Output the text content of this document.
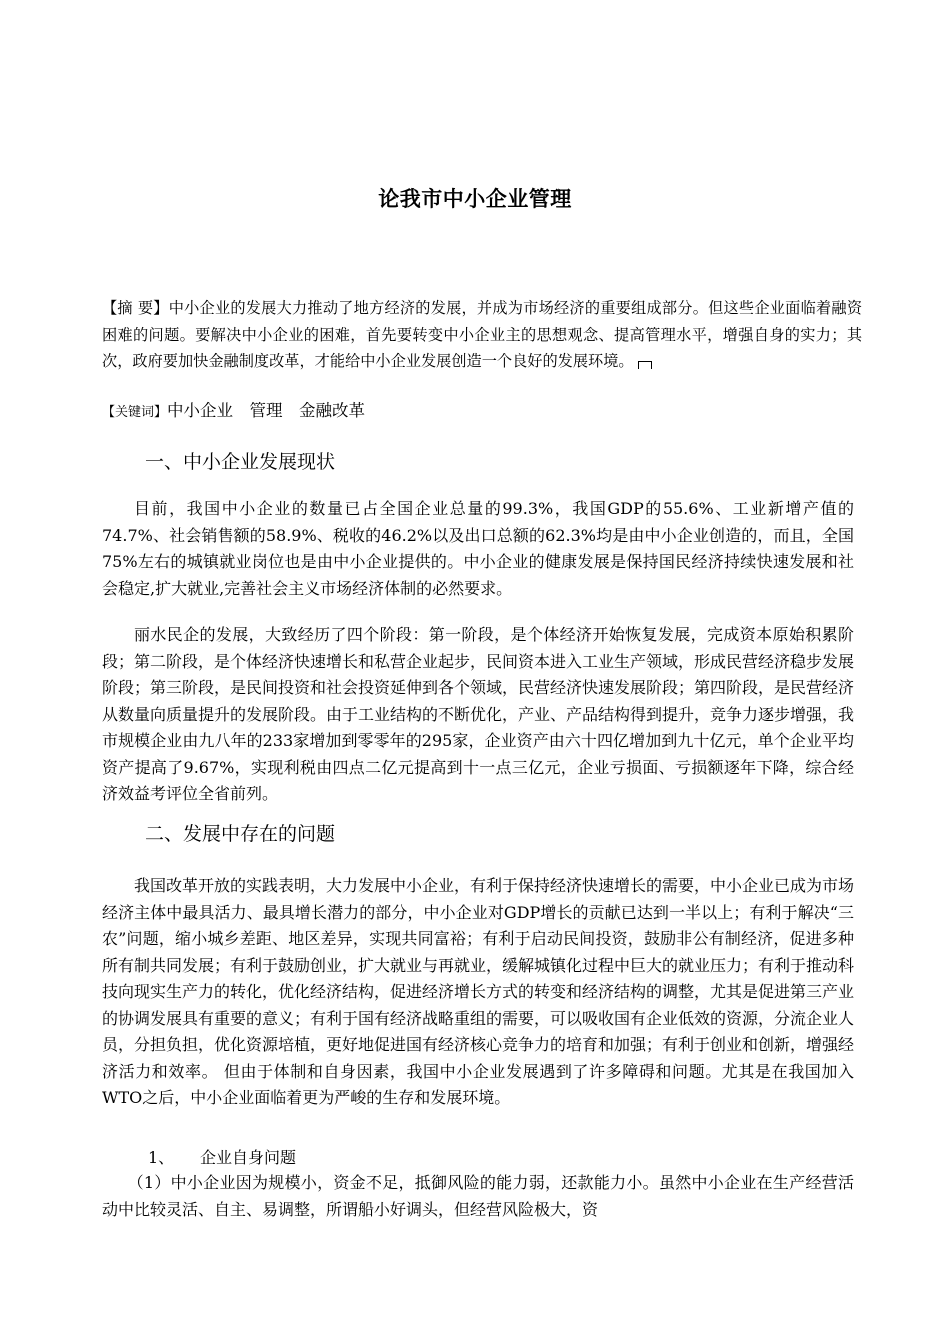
论我市中小企业管理
【摘 要】中小企业的发展大力推动了地方经济的发展，并成为市场经济的重要组成部分。但这些企业面临着融资困难的问题。要解决中小企业的困难，首先要转变中小企业主的思想观念、提高管理水平，增强自身的实力；其次，政府要加快金融制度改革，才能给中小企业发展创造一个良好的发展环境。
【关键词】中小企业　 管理　 金融改革
一、中小企业发展现状
目前，我国中小企业的数量已占全国企业总量的99.3%，我国GDP的55.6%、工业新增产值的74.7%、社会销售额的58.9%、税收的46.2%以及出口总额的62.3%均是由中小企业创造的，而且，全国75%左右的城镇就业岗位也是由中小企业提供的。中小企业的健康发展是保持国民经济持续快速发展和社会稳定,扩大就业,完善社会主义市场经济体制的必然要求。
丽水民企的发展，大致经历了四个阶段：第一阶段，是个体经济开始恢复发展，完成资本原始积累阶段；第二阶段，是个体经济快速增长和私营企业起步，民间资本进入工业生产领域，形成民营经济稳步发展阶段；第三阶段，是民间投资和社会投资延伸到各个领域，民营经济快速发展阶段；第四阶段，是民营经济从数量向质量提升的发展阶段。由于工业结构的不断优化，产业、产品结构得到提升，竞争力逐步增强，我市规模企业由九八年的233家增加到零零年的295家，企业资产由六十四亿增加到九十亿元，单个企业平均资产提高了9.67%，实现利税由四点二亿元提高到十一点三亿元，企业亏损面、亏损额逐年下降，综合经济效益考评位全省前列。
二、发展中存在的问题
我国改革开放的实践表明，大力发展中小企业，有利于保持经济快速增长的需要，中小企业已成为市场经济主体中最具活力、最具增长潜力的部分，中小企业对GDP增长的贡献已达到一半以上；有利于解决“三农”问题，缩小城乡差距、地区差异，实现共同富裕；有利于启动民间投资，鼓励非公有制经济，促进多种所有制共同发展；有利于鼓励创业，扩大就业与再就业，缓解城镇化过程中巨大的就业压力；有利于推动科技向现实生产力的转化，优化经济结构，促进经济增长方式的转变和经济结构的调整，尤其是促进第三产业的协调发展具有重要的意义；有利于国有经济战略重组的需要，可以吸收国有企业低效的资源，分流企业人员，分担负担，优化资源培植，更好地促进国有经济核心竞争力的培育和加强；有利于创业和创新，增强经济活力和效率。 但由于体制和自身因素，我国中小企业发展遇到了许多障碍和问题。尤其是在我国加入WTO之后，中小企业面临着更为严峻的生存和发展环境。
1、 企业自身问题
（1）中小企业因为规模小，资金不足，抵御风险的能力弱，还款能力小。虽然中小企业在生产经营活动中比较灵活、自主、易调整，所谓船小好调头，但经营风险极大，资
